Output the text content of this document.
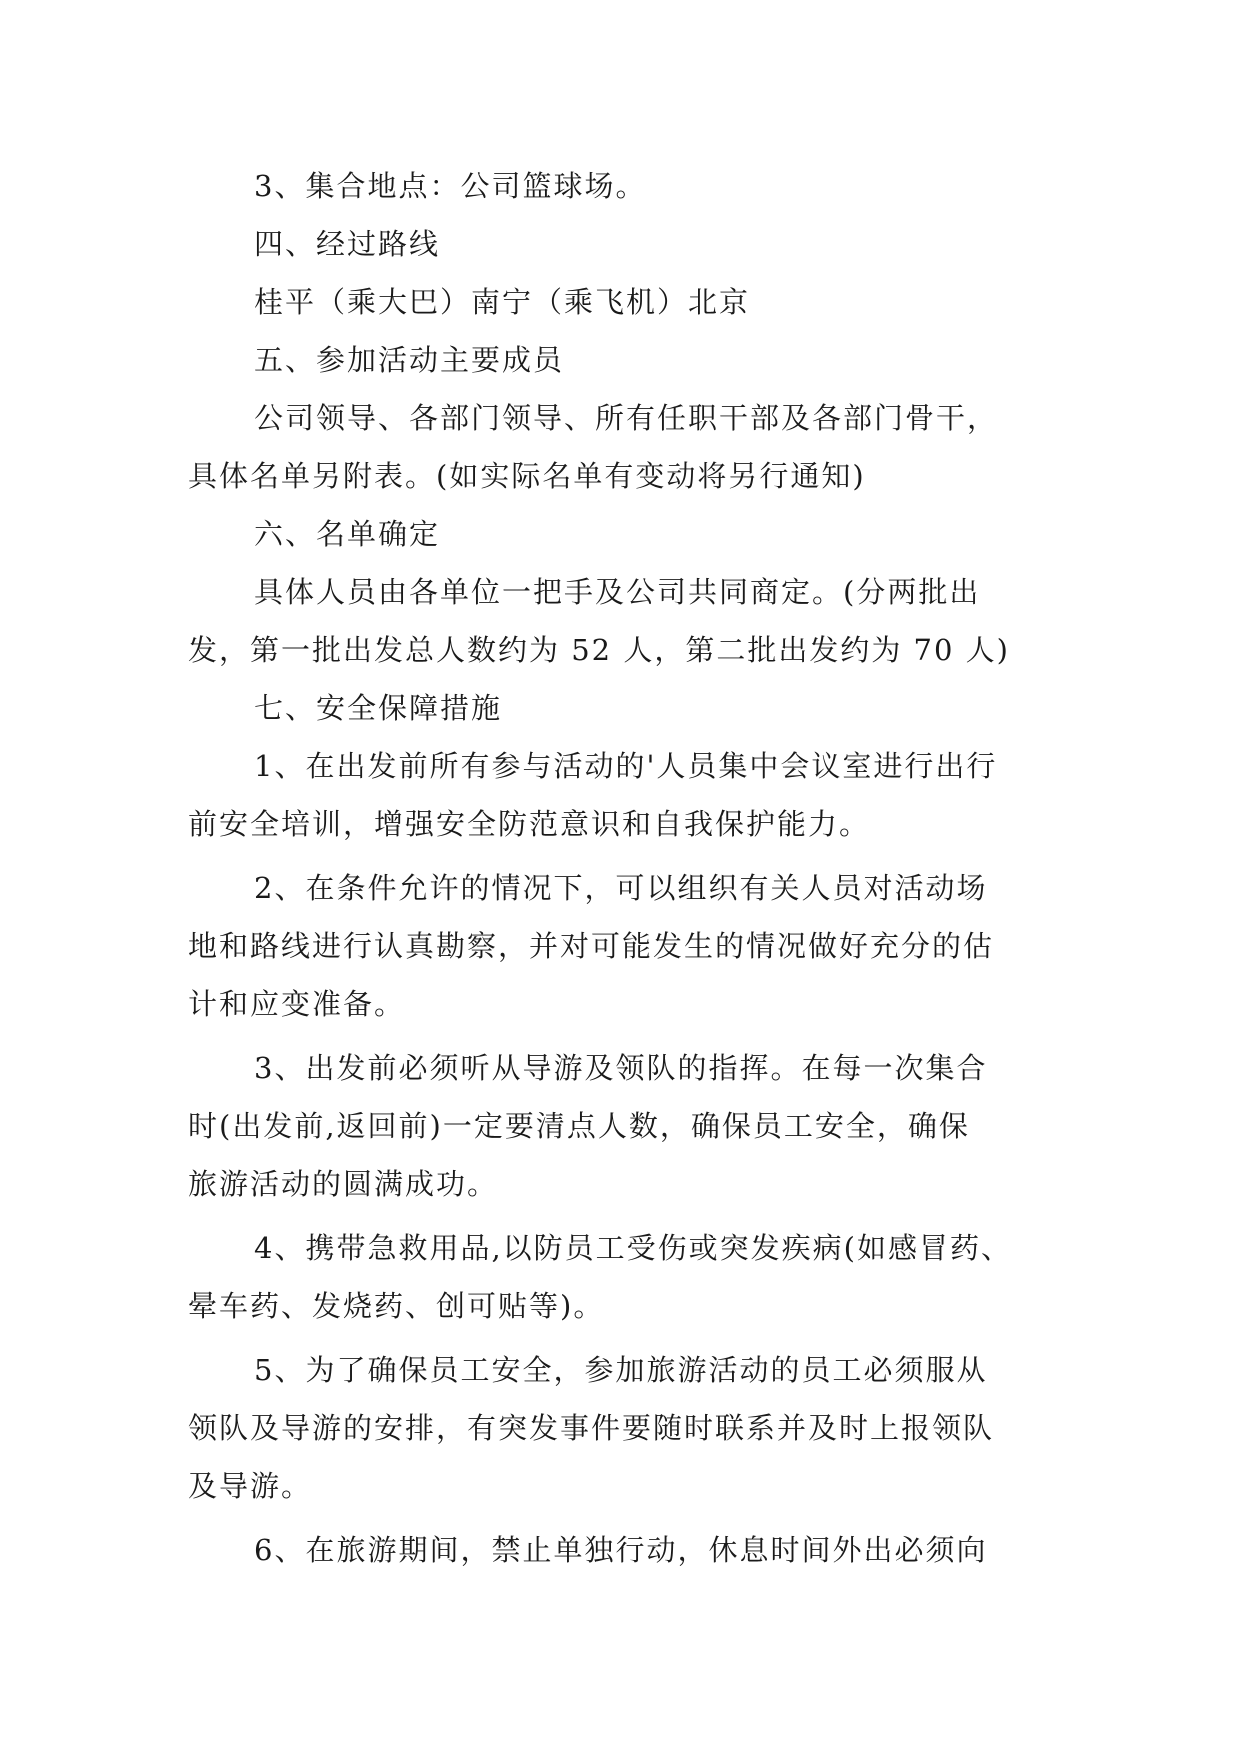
3、集合地点：公司篮球场。
四、经过路线
桂平（乘大巴）南宁（乘飞机）北京
五、参加活动主要成员
公司领导、各部门领导、所有任职干部及各部门骨干，
具体名单另附表。(如实际名单有变动将另行通知)
六、名单确定
具体人员由各单位一把手及公司共同商定。(分两批出
发，第一批出发总人数约为 52 人，第二批出发约为 70 人)
七、安全保障措施
1、在出发前所有参与活动的'人员集中会议室进行出行
前安全培训，增强安全防范意识和自我保护能力。
2、在条件允许的情况下，可以组织有关人员对活动场
地和路线进行认真勘察，并对可能发生的情况做好充分的估
计和应变准备。
3、出发前必须听从导游及领队的指挥。在每一次集合
时(出发前,返回前)一定要清点人数，确保员工安全，确保
旅游活动的圆满成功。
4、携带急救用品,以防员工受伤或突发疾病(如感冒药、
晕车药、发烧药、创可贴等)。
5、为了确保员工安全，参加旅游活动的员工必须服从
领队及导游的安排，有突发事件要随时联系并及时上报领队
及导游。
6、在旅游期间，禁止单独行动，休息时间外出必须向
